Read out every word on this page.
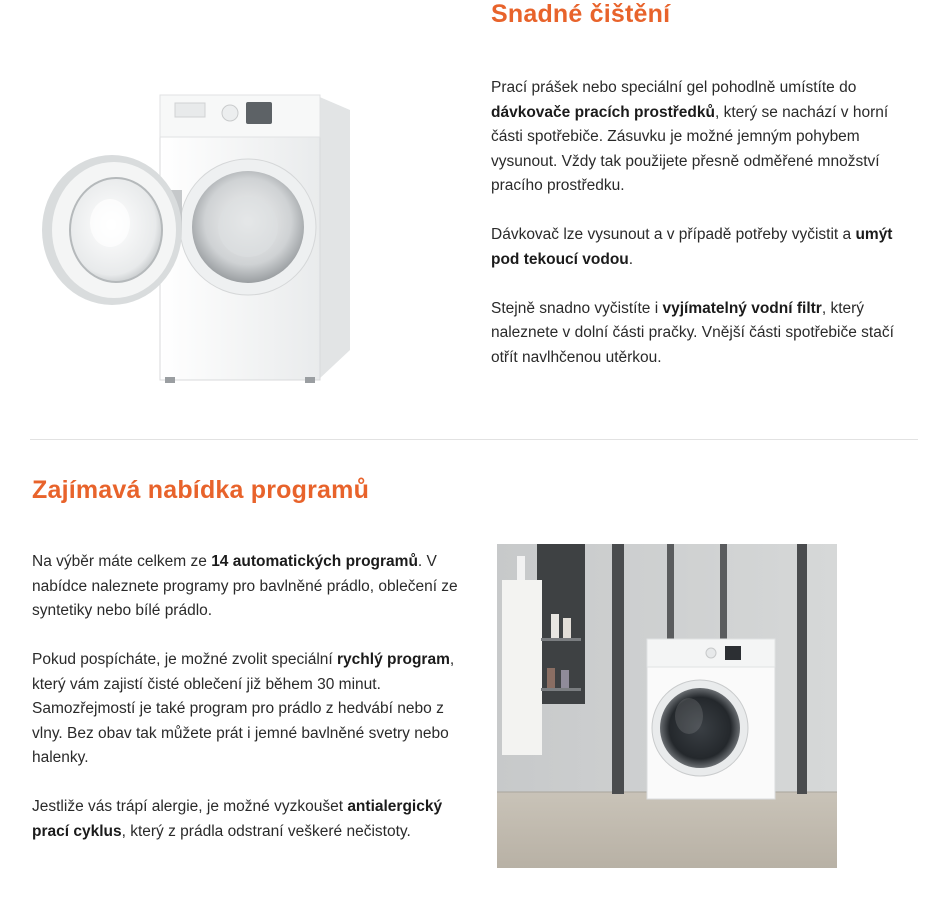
Snadné čištění

Prací prášek nebo speciální gel pohodlně umístíte do dávkovače pracích prostředků, který se nachází v horní části spotřebiče. Zásuvku je možné jemným pohybem vysunout. Vždy tak použijete přesně odměřené množství pracího prostředku.

Dávkovač lze vysunout a v případě potřeby vyčistit a umýt pod tekoucí vodou.

Stejně snadno vyčistíte i vyjímatelný vodní filtr, který naleznete v dolní části pračky. Vnější části spotřebiče stačí otřít navlhčenou utěrkou.

Zajímavá nabídka programů

Na výběr máte celkem ze 14 automatických programů. V nabídce naleznete programy pro bavlněné prádlo, oblečení ze syntetiky nebo bílé prádlo.

Pokud pospícháte, je možné zvolit speciální rychlý program, který vám zajistí čisté oblečení již během 30 minut. Samozřejmostí je také program pro prádlo z hedvábí nebo z vlny. Bez obav tak můžete prát i jemné bavlněné svetry nebo halenky.

Jestliže vás trápí alergie, je možné vyzkoušet antialergický prací cyklus, který z prádla odstraní veškeré nečistoty.
